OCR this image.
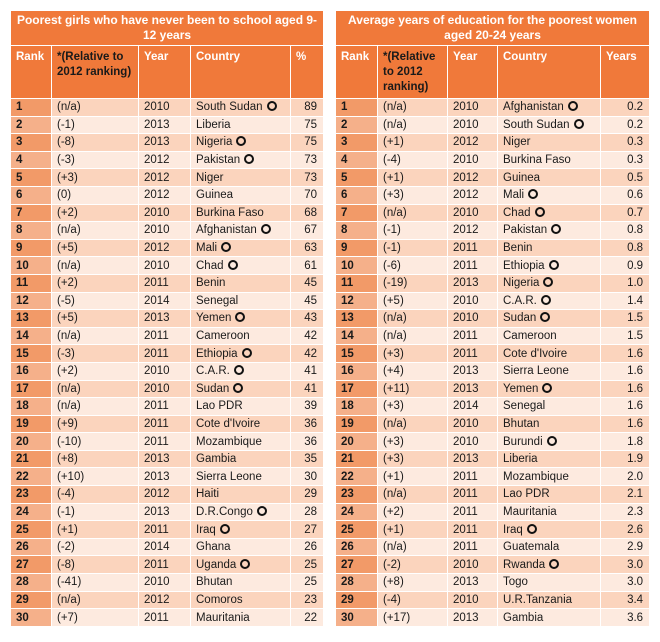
Poorest girls who have never been to school aged 9-12 years				
Rank	*(Relative to 2012 ranking)	Year	Country	%
1	(n/a)	2010	South Sudan	89
2	(-1)	2013	Liberia	75
3	(-8)	2013	Nigeria	75
4	(-3)	2012	Pakistan	73
5	(+3)	2012	Niger	73
6	(0)	2012	Guinea	70
7	(+2)	2010	Burkina Faso	68
8	(n/a)	2010	Afghanistan	67
9	(+5)	2012	Mali	63
10	(n/a)	2010	Chad	61
11	(+2)	2011	Benin	45
12	(-5)	2014	Senegal	45
13	(+5)	2013	Yemen	43
14	(n/a)	2011	Cameroon	42
15	(-3)	2011	Ethiopia	42
16	(+2)	2010	C.A.R.	41
17	(n/a)	2010	Sudan	41
18	(n/a)	2011	Lao PDR	39
19	(+9)	2011	Cote d'Ivoire	36
20	(-10)	2011	Mozambique	36
21	(+8)	2013	Gambia	35
22	(+10)	2013	Sierra Leone	30
23	(-4)	2012	Haiti	29
24	(-1)	2013	D.R.Congo	28
25	(+1)	2011	Iraq	27
26	(-2)	2014	Ghana	26
27	(-8)	2011	Uganda	25
28	(-41)	2010	Bhutan	25
29	(n/a)	2012	Comoros	23
30	(+7)	2011	Mauritania	22
Average years of education for the poorest women aged 20-24 years				
Rank	*(Relative to 2012 ranking)	Year	Country	Years
1	(n/a)	2010	Afghanistan	0.2
2	(n/a)	2010	South Sudan	0.2
3	(+1)	2012	Niger	0.3
4	(-4)	2010	Burkina Faso	0.3
5	(+1)	2012	Guinea	0.5
6	(+3)	2012	Mali	0.6
7	(n/a)	2010	Chad	0.7
8	(-1)	2012	Pakistan	0.8
9	(-1)	2011	Benin	0.8
10	(-6)	2011	Ethiopia	0.9
11	(-19)	2013	Nigeria	1.0
12	(+5)	2010	C.A.R.	1.4
13	(n/a)	2010	Sudan	1.5
14	(n/a)	2011	Cameroon	1.5
15	(+3)	2011	Cote d'Ivoire	1.6
16	(+4)	2013	Sierra Leone	1.6
17	(+11)	2013	Yemen	1.6
18	(+3)	2014	Senegal	1.6
19	(n/a)	2010	Bhutan	1.6
20	(+3)	2010	Burundi	1.8
21	(+3)	2013	Liberia	1.9
22	(+1)	2011	Mozambique	2.0
23	(n/a)	2011	Lao PDR	2.1
24	(+2)	2011	Mauritania	2.3
25	(+1)	2011	Iraq	2.6
26	(n/a)	2011	Guatemala	2.9
27	(-2)	2010	Rwanda	3.0
28	(+8)	2013	Togo	3.0
29	(-4)	2010	U.R.Tanzania	3.4
30	(+17)	2013	Gambia	3.6
